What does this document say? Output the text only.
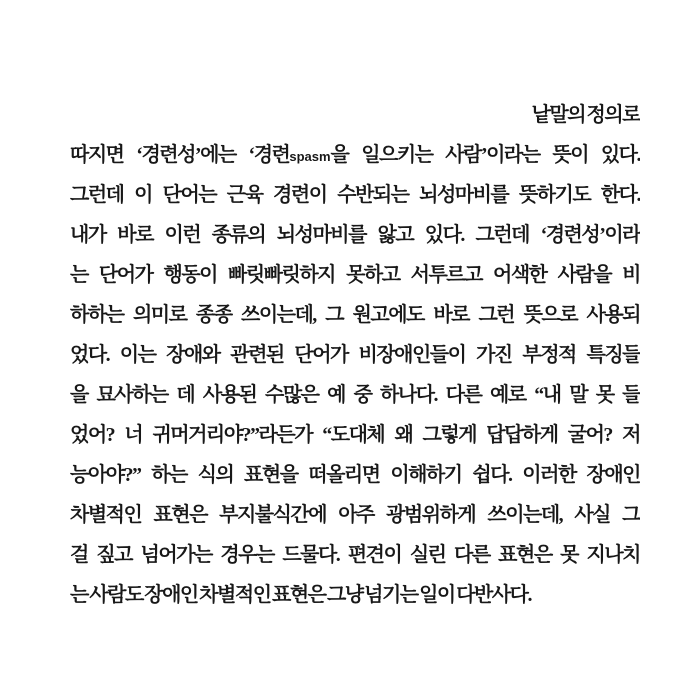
낱말의 정의로
따지면 ‘경련성’에는 ‘경련spasm을 일으키는 사람’이라는 뜻이 있다.
그런데 이 단어는 근육 경련이 수반되는 뇌성마비를 뜻하기도 한다.
내가 바로 이런 종류의 뇌성마비를 앓고 있다. 그런데 ‘경련성’이라
는 단어가 행동이 빠릿빠릿하지 못하고 서투르고 어색한 사람을 비
하하는 의미로 종종 쓰이는데, 그 원고에도 바로 그런 뜻으로 사용되
었다. 이는 장애와 관련된 단어가 비장애인들이 가진 부정적 특징들
을 묘사하는 데 사용된 수많은 예 중 하나다. 다른 예로 “내 말 못 들
었어? 너 귀머거리야?”라든가 “도대체 왜 그렇게 답답하게 굴어? 저
능아야?” 하는 식의 표현을 떠올리면 이해하기 쉽다. 이러한 장애인
차별적인 표현은 부지불식간에 아주 광범위하게 쓰이는데, 사실 그
걸 짚고 넘어가는 경우는 드물다. 편견이 실린 다른 표현은 못 지나치
는 사람도 장애인 차별적인 표현은 그냥 넘기는 일이 다반사다.
